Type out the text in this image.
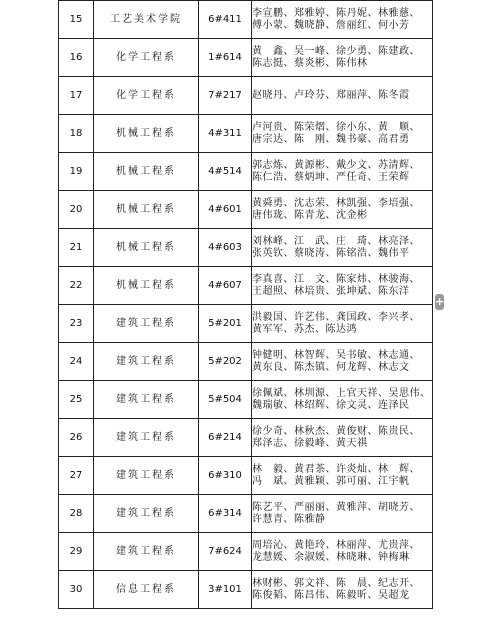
15	工艺美术学院	6#411	李宣鹏、郑雅婷、陈丹妮、林雅慈、
傅小蒙、魏晓静、詹丽红、何小芳

16	化学工程系	1#614	黄　鑫、吴一峰、徐少勇、陈建政、
陈志挺、蔡炎彬、陈伟林

17	化学工程系	7#217	赵晓丹、卢玲芬、郑丽萍、陈冬霞

18	机械工程系	4#311	卢河贵、陈荣熠、徐小东、黄　顺、
唐宗达、陈　刚、魏书豪、高君勇

19	机械工程系	4#514	郭志炼、黄源彬、戴少文、苏清辉、
陈仁浩、蔡炳坤、严任奇、王荣辉

20	机械工程系	4#601	黄舜勇、沈志荣、林凯强、李培强、
唐伟珑、陈青龙、沈金彬

21	机械工程系	4#603	刘林峰、江　武、庄　琦、林亮泽、
张英钦、蔡晓涛、陈铭浩、魏伟平

22	机械工程系	4#607	李真喜、江　文、陈家炜、林骏海、
王超照、林培贵、张坤斌、陈东洋

23	建筑工程系	5#201	洪毅国、许艺伟、龚国政、李兴孝、
黄军军、苏杰、陈达鸿

24	建筑工程系	5#202	钟健明、林智辉、吴书敏、林志通、
黄东良、陈杰镇、何龙辉、林志文

25	建筑工程系	5#504	徐佩斌、林圳源、上官天祥、吴思伟、
魏瑞敏、林绍辉、徐文灵、连泽民

26	建筑工程系	6#214	徐少奇、林秋杰、黄俊财、陈贵民、
郑泽志、徐毅峰、黄天祺

27	建筑工程系	6#310	林　毅、黄君茶、许炎灿、林　辉、
冯　斌、黄雅颖、郭可丽、江宇帆

28	建筑工程系	6#314	陈艺平、严丽丽、黄雅萍、胡晓芳、
许慧青、陈雅静

29	建筑工程系	7#624	周培沁、黄艳玲、林丽萍、尤贵萍、
龙慧媛、余淑媛、林晓琳、钟梅琳

30	信息工程系	3#101	林财彬、郭文祥、陈　晨、纪志开、
陈俊韬、陈昌伟、陈毅昕、吴超龙
+
